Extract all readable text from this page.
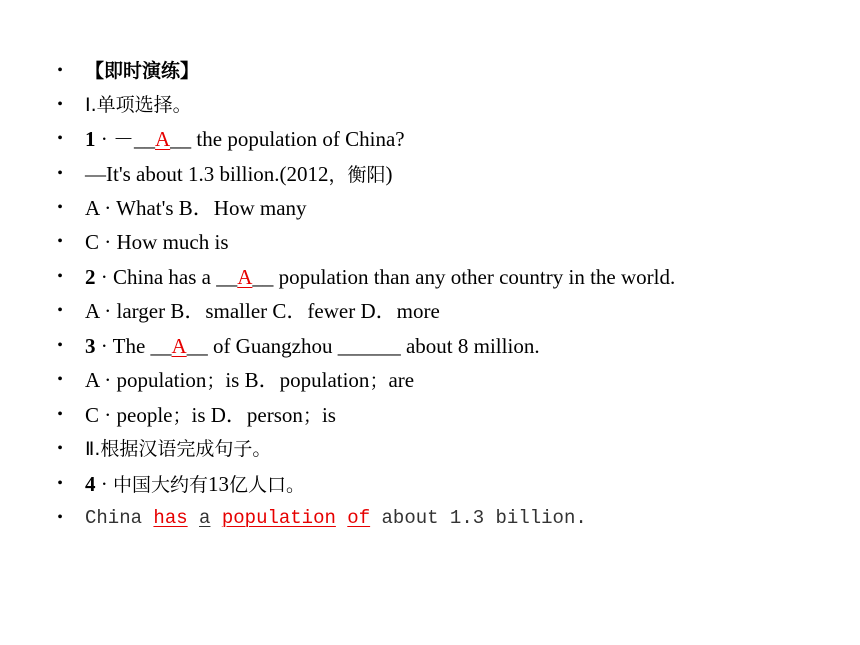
• 【即时演练】
• Ⅰ.单项选择。
• 1 · －__A__ the population of China?
• —It's about 1.3 billion.(2012，衡阳)
• A · What's B．How many
• C · How much is
• 2 · China has a __A__ population than any other country in the world.
• A · larger B．smaller C．fewer D．more
• 3 · The __A__ of Guangzhou ______ about 8 million.
• A · population；is B．population；are
• C · people；is D．person；is
• Ⅱ.根据汉语完成句子。
• 4 · 中国大约有13亿人口。
• China has a population of about 1.3 billion.
